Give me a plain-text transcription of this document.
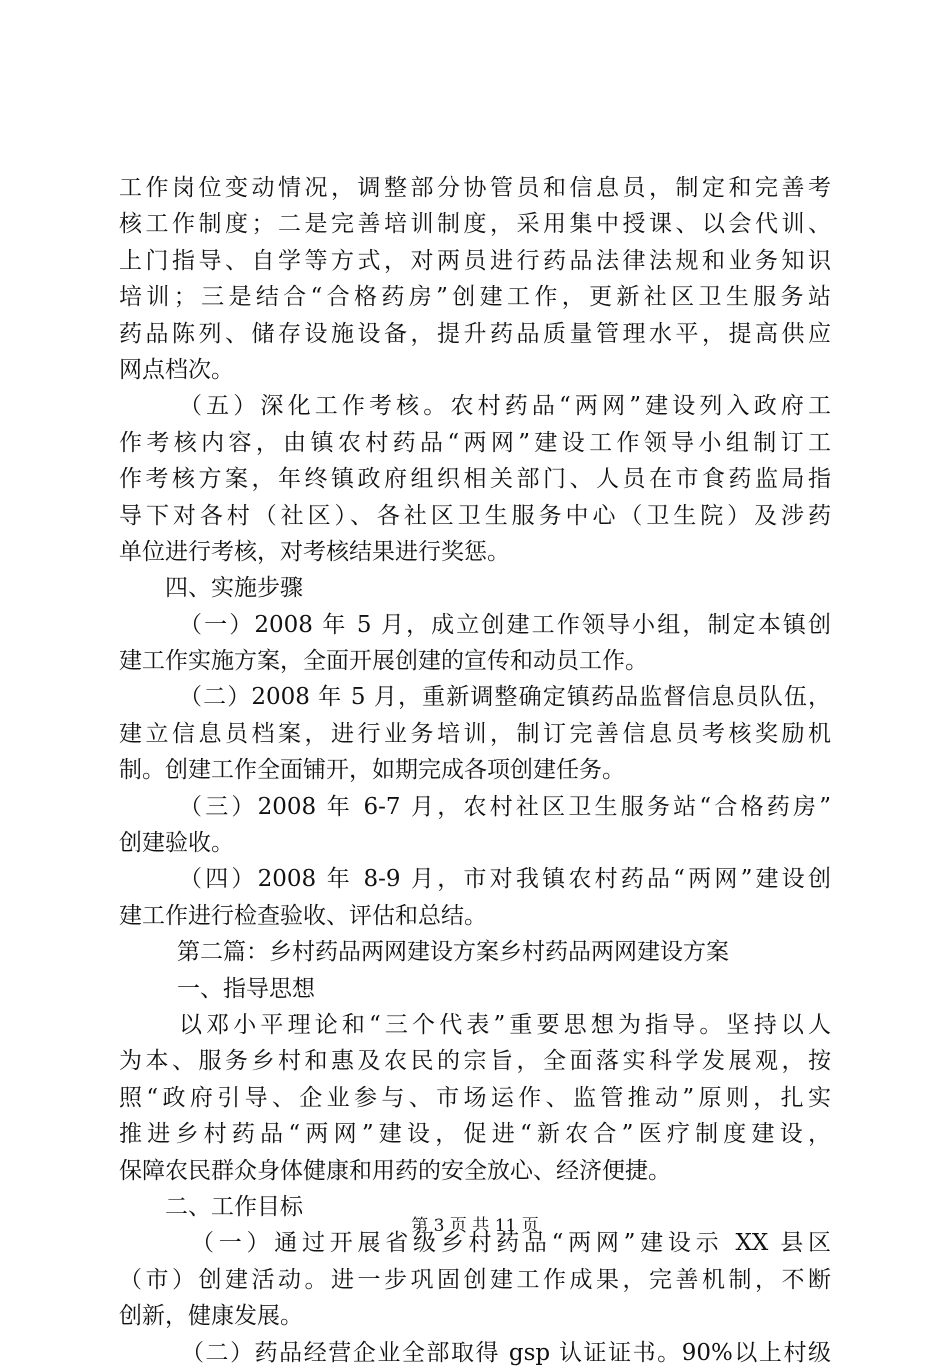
工作岗位变动情况，调整部分协管员和信息员，制定和完善考
核工作制度；二是完善培训制度，采用集中授课、以会代训、
上门指导、自学等方式，对两员进行药品法律法规和业务知识
培训；三是结合“合格药房”创建工作，更新社区卫生服务站
药品陈列、储存设施设备，提升药品质量管理水平，提高供应
网点档次。
（五）深化工作考核。农村药品“两网”建设列入政府工
作考核内容，由镇农村药品“两网”建设工作领导小组制订工
作考核方案，年终镇政府组织相关部门、人员在市食药监局指
导下对各村（社区）、各社区卫生服务中心（卫生院）及涉药
单位进行考核，对考核结果进行奖惩。
四、实施步骤
（一）2008 年 5 月，成立创建工作领导小组，制定本镇创
建工作实施方案，全面开展创建的宣传和动员工作。
（二）2008 年 5 月，重新调整确定镇药品监督信息员队伍，
建立信息员档案，进行业务培训，制订完善信息员考核奖励机
制。创建工作全面铺开，如期完成各项创建任务。
（三）2008 年 6-7 月，农村社区卫生服务站“合格药房”
创建验收。
（四）2008 年 8-9 月，市对我镇农村药品“两网”建设创
建工作进行检查验收、评估和总结。
第二篇：乡村药品两网建设方案乡村药品两网建设方案
一、指导思想
以邓小平理论和“三个代表”重要思想为指导。坚持以人
为本、服务乡村和惠及农民的宗旨，全面落实科学发展观，按
照“政府引导、企业参与、市场运作、监管推动”原则，扎实
推进乡村药品“两网”建设，促进“新农合”医疗制度建设，
保障农民群众身体健康和用药的安全放心、经济便捷。
二、工作目标
（一）通过开展省级乡村药品“两网”建设示 XX 县区
（市）创建活动。进一步巩固创建工作成果，完善机制，不断
创新，健康发展。
（二）药品经营企业全部取得 gsp 认证证书。90%以上村级
第 3 页 共 11 页
